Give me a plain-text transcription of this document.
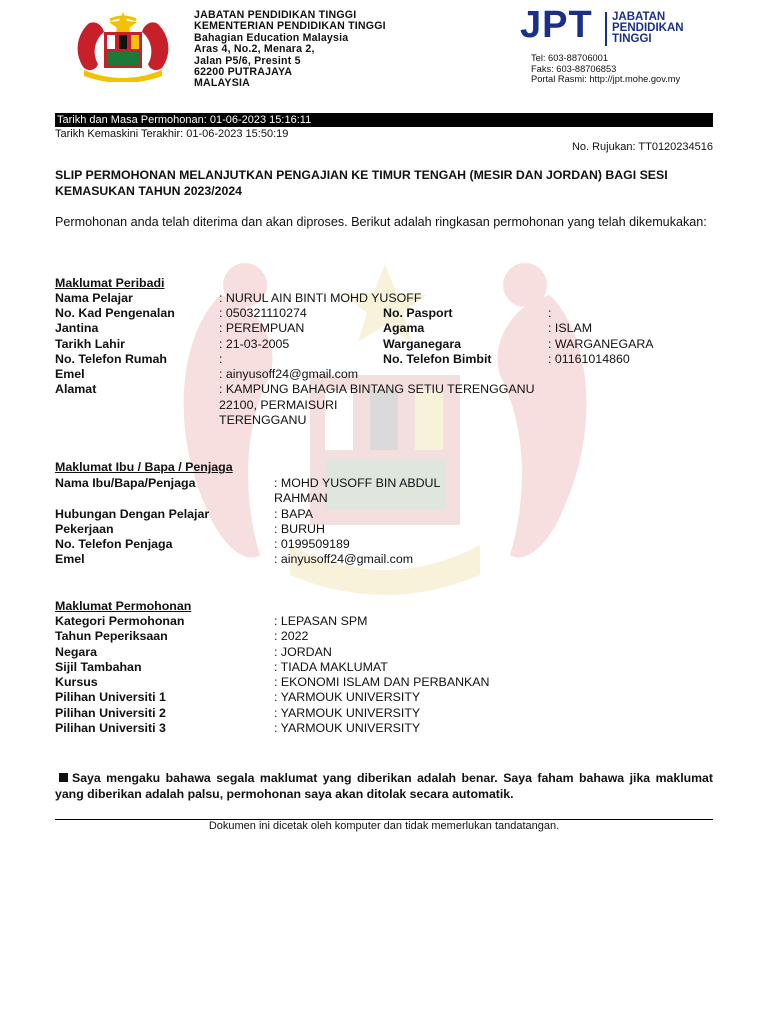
JABATAN PENDIDIKAN TINGGI
KEMENTERIAN PENDIDIKAN TINGGI
Bahagian Education Malaysia
Aras 4, No.2, Menara 2,
Jalan P5/6, Presint 5
62200 PUTRAJAYA
MALAYSIA
JPT JABATAN
PENDIDIKAN
TINGGI
Tel: 603-88706001
Faks: 603-88706853
Portal Rasmi: http://jpt.mohe.gov.my
Tarikh dan Masa Permohonan: 01-06-2023 15:16:11
Tarikh Kemaskini Terakhir: 01-06-2023 15:50:19
No. Rujukan: TT0120234516
SLIP PERMOHONAN MELANJUTKAN PENGAJIAN KE TIMUR TENGAH (MESIR DAN JORDAN) BAGI SESI KEMASUKAN TAHUN 2023/2024
Permohonan anda telah diterima dan akan diproses. Berikut adalah ringkasan permohonan yang telah dikemukakan:
Maklumat Peribadi
Nama Pelajar	: NURUL AIN BINTI MOHD YUSOFF
No. Kad Pengenalan	: 050321110274	No. Pasport	:
Jantina	: PEREMPUAN	Agama	: ISLAM
Tarikh Lahir	: 21-03-2005	Warganegara	: WARGANEGARA
No. Telefon Rumah	:	No. Telefon Bimbit	: 01161014860
Emel	: ainyusoff24@gmail.com
Alamat	: KAMPUNG BAHAGIA BINTANG SETIU TERENGGANU
22100, PERMAISURI
TERENGGANU
Maklumat Ibu / Bapa / Penjaga
Nama Ibu/Bapa/Penjaga	: MOHD YUSOFF BIN ABDUL
RAHMAN
Hubungan Dengan Pelajar	: BAPA
Pekerjaan	: BURUH
No. Telefon Penjaga	: 0199509189
Emel	: ainyusoff24@gmail.com
Maklumat Permohonan
Kategori Permohonan	: LEPASAN SPM
Tahun Peperiksaan	: 2022
Negara	: JORDAN
Sijil Tambahan	: TIADA MAKLUMAT
Kursus	: EKONOMI ISLAM DAN PERBANKAN
Pilihan Universiti 1	: YARMOUK UNIVERSITY
Pilihan Universiti 2	: YARMOUK UNIVERSITY
Pilihan Universiti 3	: YARMOUK UNIVERSITY
Saya mengaku bahawa segala maklumat yang diberikan adalah benar. Saya faham bahawa jika maklumat yang diberikan adalah palsu, permohonan saya akan ditolak secara automatik.
Dokumen ini dicetak oleh komputer dan tidak memerlukan tandatangan.
